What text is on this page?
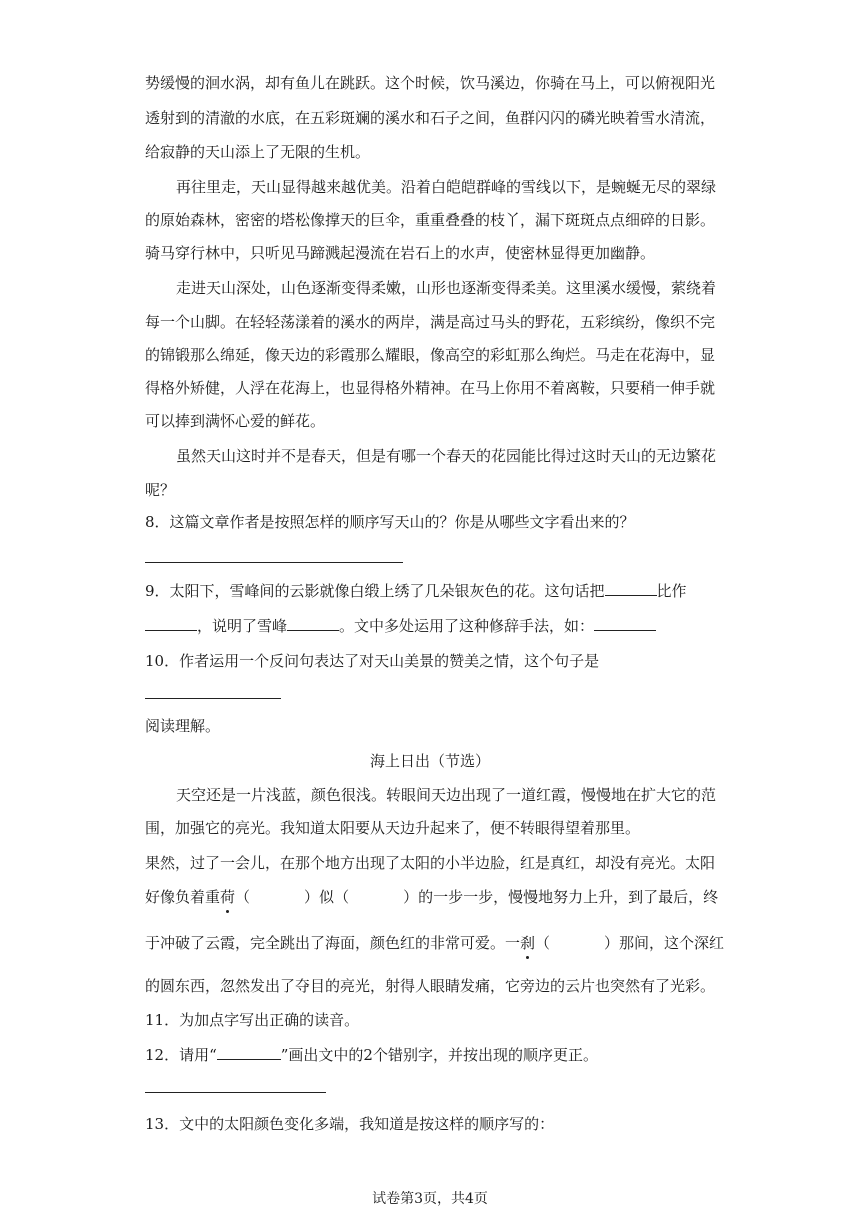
势缓慢的洄水涡，却有鱼儿在跳跃。这个时候，饮马溪边，你骑在马上，可以俯视阳光
透射到的清澈的水底，在五彩斑斓的溪水和石子之间，鱼群闪闪的磷光映着雪水清流，
给寂静的天山添上了无限的生机。
再往里走，天山显得越来越优美。沿着白皑皑群峰的雪线以下，是蜿蜒无尽的翠绿
的原始森林，密密的塔松像撑天的巨伞，重重叠叠的枝丫，漏下斑斑点点细碎的日影。
骑马穿行林中，只听见马蹄溅起漫流在岩石上的水声，使密林显得更加幽静。
走进天山深处，山色逐渐变得柔嫩，山形也逐渐变得柔美。这里溪水缓慢，萦绕着
每一个山脚。在轻轻荡漾着的溪水的两岸，满是高过马头的野花，五彩缤纷，像织不完
的锦锻那么绵延，像天边的彩霞那么耀眼，像高空的彩虹那么绚烂。马走在花海中，显
得格外矫健，人浮在花海上，也显得格外精神。在马上你用不着离鞍，只要稍一伸手就
可以捧到满怀心爱的鲜花。
虽然天山这时并不是春天，但是有哪一个春天的花园能比得过这时天山的无边繁花
呢？
8．这篇文章作者是按照怎样的顺序写天山的？你是从哪些文字看出来的？
9．太阳下，雪峰间的云影就像白缎上绣了几朵银灰色的花。这句话把	比作
，说明了雪峰	。文中多处运用了这种修辞手法，如：
10．作者运用一个反问句表达了对天山美景的赞美之情，这个句子是
阅读理解。
海上日出（节选）
天空还是一片浅蓝，颜色很浅。转眼间天边出现了一道红霞，慢慢地在扩大它的范
围，加强它的亮光。我知道太阳要从天边升起来了，便不转眼得望着那里。
果然，过了一会儿，在那个地方出现了太阳的小半边脸，红是真红，却没有亮光。太阳
好像负着重荷（	）似（	）的一步一步，慢慢地努力上升，到了最后，终
于冲破了云霞，完全跳出了海面，颜色红的非常可爱。一刹（	）那间，这个深红
的圆东西，忽然发出了夺目的亮光，射得人眼睛发痛，它旁边的云片也突然有了光彩。
11．为加点字写出正确的读音。
12．请用“	”画出文中的2个错别字，并按出现的顺序更正。
13．文中的太阳颜色变化多端，我知道是按这样的顺序写的：
试卷第3页，共4页
